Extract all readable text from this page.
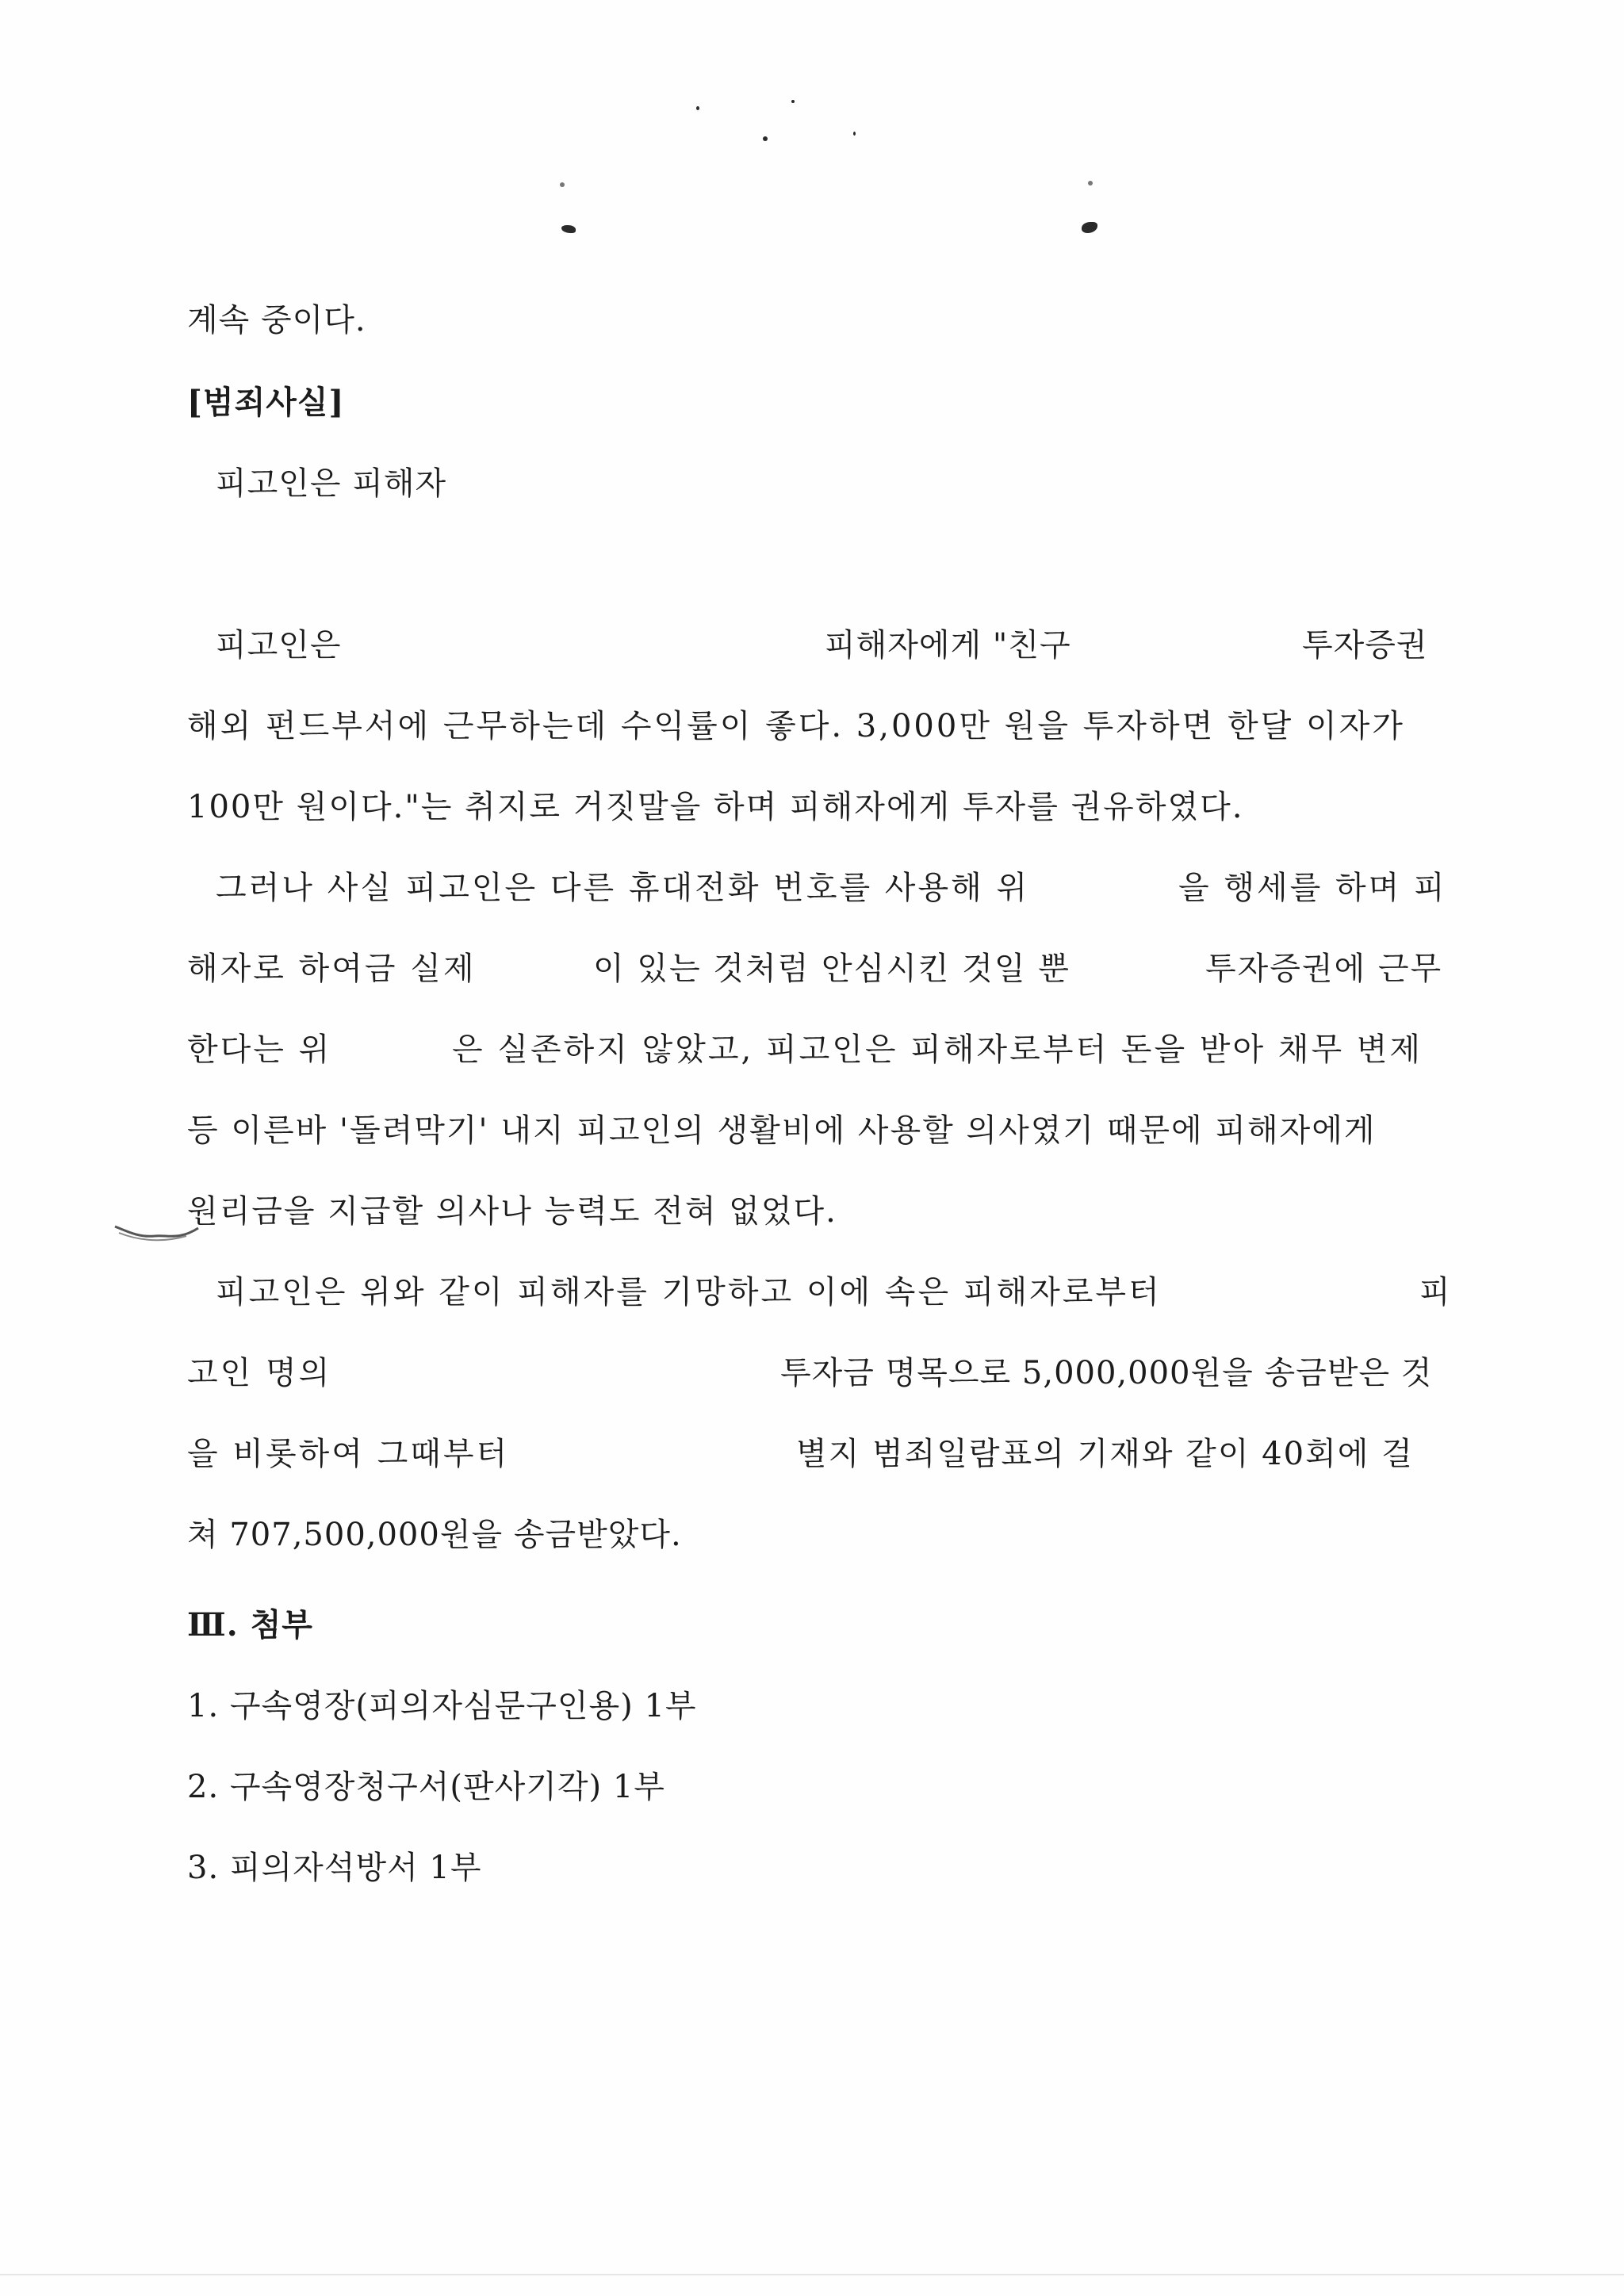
계속 중이다.
[범죄사실]
피고인은 피해자
피고인은	피해자에게 "친구	투자증권
해외 펀드부서에 근무하는데 수익률이 좋다. 3,000만 원을 투자하면 한달 이자가
100만 원이다."는 취지로 거짓말을 하며 피해자에게 투자를 권유하였다.
그러나 사실 피고인은 다른 휴대전화 번호를 사용해 위	을 행세를 하며 피
해자로 하여금 실제	이 있는 것처럼 안심시킨 것일 뿐	투자증권에 근무
한다는 위	은 실존하지 않았고, 피고인은 피해자로부터 돈을 받아 채무 변제
등 이른바 '돌려막기' 내지 피고인의 생활비에 사용할 의사였기 때문에 피해자에게
원리금을 지급할 의사나 능력도 전혀 없었다.
피고인은 위와 같이 피해자를 기망하고 이에 속은 피해자로부터	피
고인 명의	투자금 명목으로 5,000,000원을 송금받은 것
을 비롯하여 그때부터	별지 범죄일람표의 기재와 같이 40회에 걸
쳐 707,500,000원을 송금받았다.
Ⅲ. 첨부
1. 구속영장(피의자심문구인용) 1부
2. 구속영장청구서(판사기각) 1부
3. 피의자석방서 1부
